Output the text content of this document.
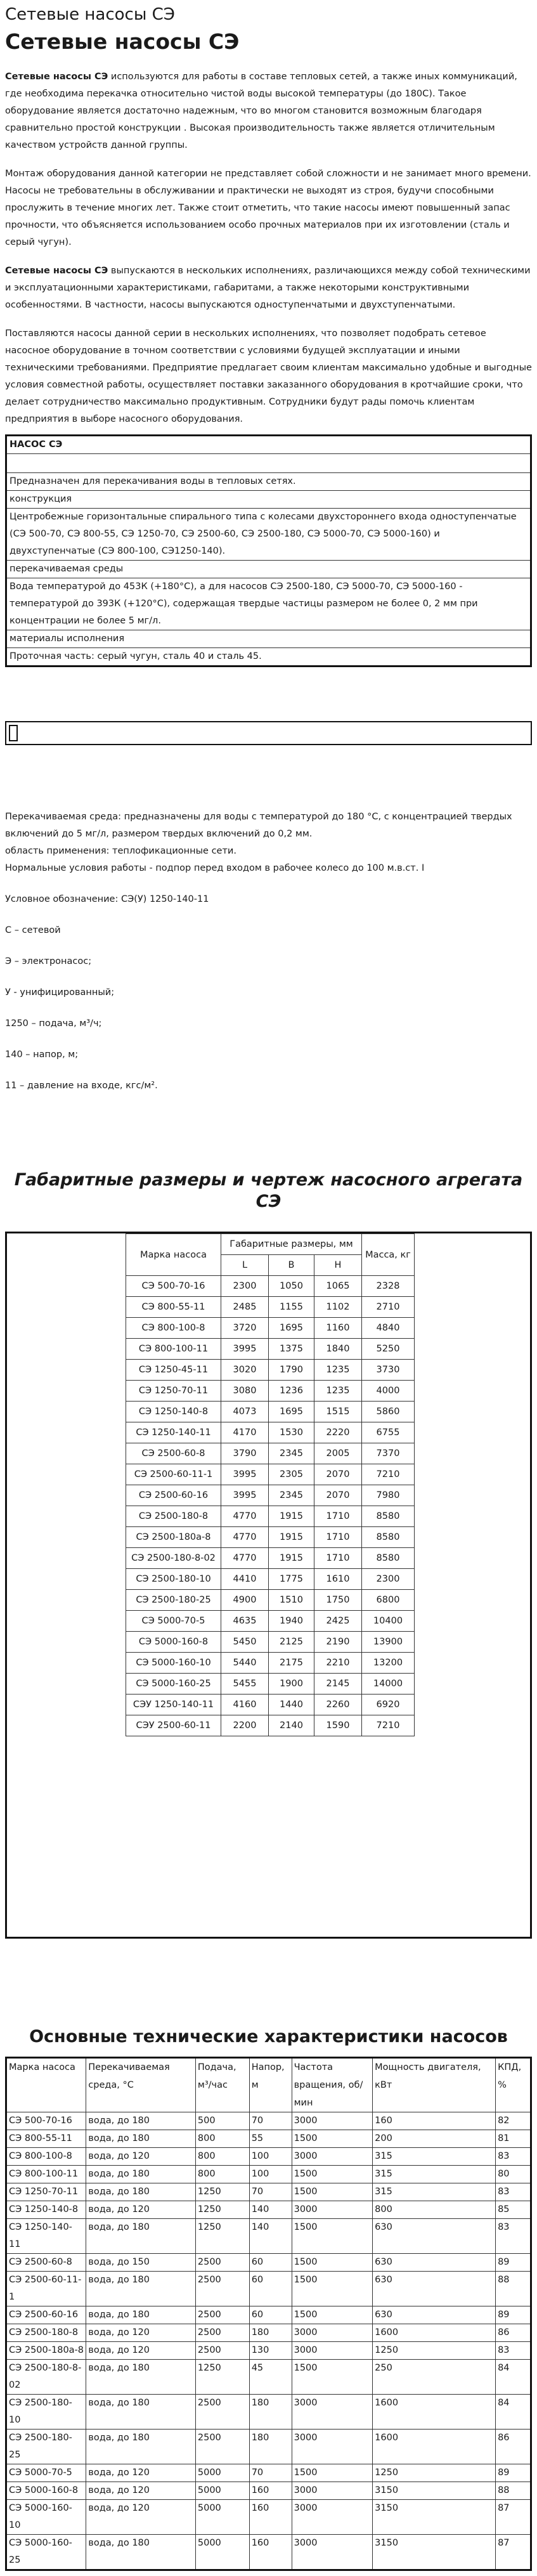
Сетевые насосы СЭ
Сетевые насосы СЭ

Сетевые насосы СЭ используются для работы в составе тепловых сетей, а также иных коммуникаций, где необходима перекачка относительно чистой воды высокой температуры (до 180С). Такое оборудование является достаточно надежным, что во многом становится возможным благодаря сравнительно простой конструкции . Высокая производительность также является отличительным качеством устройств данной группы.

Монтаж оборудования данной категории не представляет собой сложности и не занимает много времени. Насосы не требовательны в обслуживании и практически не выходят из строя, будучи способными прослужить в течение многих лет. Также стоит отметить, что такие насосы имеют повышенный запас прочности, что объясняется использованием особо прочных материалов при их изготовлении (сталь и серый чугун).

Сетевые насосы СЭ выпускаются в нескольких исполнениях, различающихся между собой техническими и эксплуатационными характеристиками, габаритами, а также некоторыми конструктивными особенностями. В частности, насосы выпускаются одноступенчатыми и двухступенчатыми.

Поставляются насосы данной серии в нескольких исполнениях, что позволяет подобрать сетевое насосное оборудование в точном соответствии с условиями будущей эксплуатации и иными техническими требованиями. Предприятие предлагает своим клиентам максимально удобные и выгодные условия совместной работы, осуществляет поставки заказанного оборудования в кротчайшие сроки, что делает сотрудничество максимально продуктивным. Сотрудники будут рады помочь клиентам предприятия в выборе насосного оборудования.

НАСОС СЭ

Предназначен для перекачивания воды в тепловых сетях.
конструкция
Центробежные горизонтальные спирального типа с колесами двухстороннего входа одноступенчатые (СЭ 500-70, СЭ 800-55, СЭ 1250-70, СЭ 2500-60, СЭ 2500-180, СЭ 5000-70, СЭ 5000-160) и двухступенчатые (СЭ 800-100, СЭ1250-140).
перекачиваемая среды
Вода температурой до 453К (+180°С), а для насосов СЭ 2500-180, СЭ 5000-70, СЭ 5000-160 - температурой до 393К (+120°С), содержащая твердые частицы размером не более 0, 2 мм при концентрации не более 5 мг/л.
материалы исполнения
Проточная часть: серый чугун, сталь 40 и сталь 45.

Перекачиваемая среда: предназначены для воды с температурой до 180 °С, с концентрацией твердых включений до 5 мг/л, размером твердых включений до 0,2 мм.

область применения: теплофикационные сети.

Нормальные условия работы - подпор перед входом в рабочее колесо до 100 м.в.ст. I

Условное обозначение: СЭ(У) 1250-140-11

С – сетевой

Э – электронасос;

У - унифицированный;

1250 – подача, м³/ч;

140 – напор, м;

11 – давление на входе, кгс/м².

Габаритные размеры и чертеж насосного агрегата СЭ
Марка насоса	Габаритные размеры, мм			Масса, кг
	L	B	H	
СЭ 500-70-16	2300	1050	1065	2328
СЭ 800-55-11	2485	1155	1102	2710
СЭ 800-100-8	3720	1695	1160	4840
СЭ 800-100-11	3995	1375	1840	5250
СЭ 1250-45-11	3020	1790	1235	3730
СЭ 1250-70-11	3080	1236	1235	4000
СЭ 1250-140-8	4073	1695	1515	5860
СЭ 1250-140-11	4170	1530	2220	6755
СЭ 2500-60-8	3790	2345	2005	7370
СЭ 2500-60-11-1	3995	2305	2070	7210
СЭ 2500-60-16	3995	2345	2070	7980
СЭ 2500-180-8	4770	1915	1710	8580
СЭ 2500-180а-8	4770	1915	1710	8580
СЭ 2500-180-8-02	4770	1915	1710	8580
СЭ 2500-180-10	4410	1775	1610	2300
СЭ 2500-180-25	4900	1510	1750	6800
СЭ 5000-70-5	4635	1940	2425	10400
СЭ 5000-160-8	5450	2125	2190	13900
СЭ 5000-160-10	5440	2175	2210	13200
СЭ 5000-160-25	5455	1900	2145	14000
СЭУ 1250-140-11	4160	1440	2260	6920
СЭУ 2500-60-11	2200	2140	1590	7210
Основные технические характеристики насосов
Марка насоса	Перекачиваемая среда, °С	Подача, м³/час	Напор, м	Частота вращения, об/мин	Мощность двигателя, кВт	КПД, %
СЭ 500-70-16	вода, до 180	500	70	3000	160	82
СЭ 800-55-11	вода, до 180	800	55	1500	200	81
СЭ 800-100-8	вода, до 120	800	100	3000	315	83
СЭ 800-100-11	вода, до 180	800	100	1500	315	80
СЭ 1250-70-11	вода, до 180	1250	70	1500	315	83
СЭ 1250-140-8	вода, до 120	1250	140	3000	800	85
СЭ 1250-140-11	вода, до 180	1250	140	1500	630	83
СЭ 2500-60-8	вода, до 150	2500	60	1500	630	89
СЭ 2500-60-11-1	вода, до 180	2500	60	1500	630	88
СЭ 2500-60-16	вода, до 180	2500	60	1500	630	89
СЭ 2500-180-8	вода, до 120	2500	180	3000	1600	86
СЭ 2500-180а-8	вода, до 120	2500	130	3000	1250	83
СЭ 2500-180-8-02	вода, до 180	1250	45	1500	250	84
СЭ 2500-180-10	вода, до 180	2500	180	3000	1600	84
СЭ 2500-180-25	вода, до 180	2500	180	3000	1600	86
СЭ 5000-70-5	вода, до 120	5000	70	1500	1250	89
СЭ 5000-160-8	вода, до 120	5000	160	3000	3150	88
СЭ 5000-160-10	вода, до 120	5000	160	3000	3150	87
СЭ 5000-160-25	вода, до 180	5000	160	3000	3150	87
